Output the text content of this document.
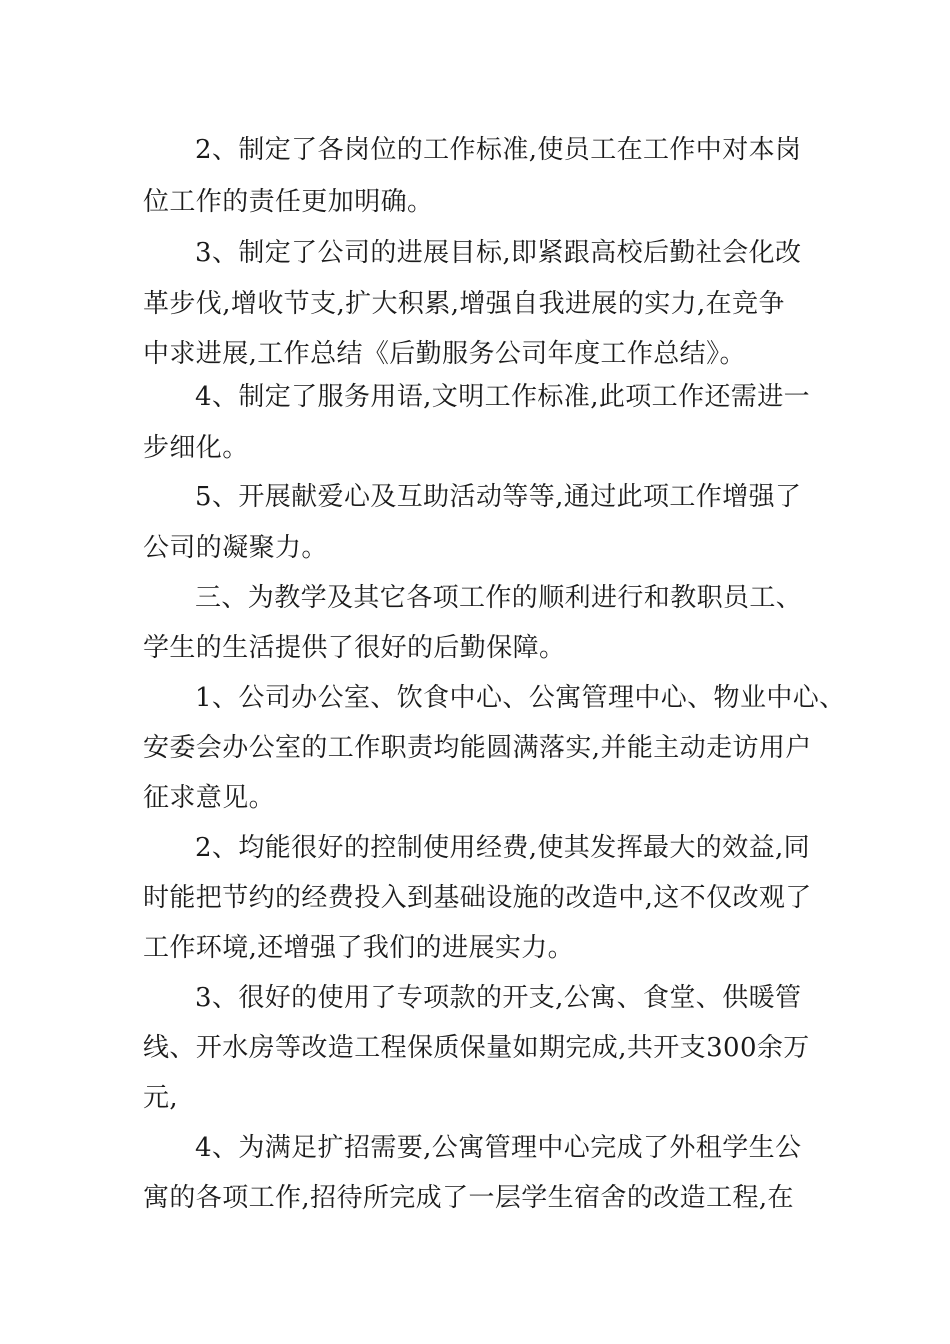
2、制定了各岗位的工作标准,使员工在工作中对本岗

位工作的责任更加明确。

3、制定了公司的进展目标,即紧跟高校后勤社会化改

革步伐,增收节支,扩大积累,增强自我进展的实力,在竞争

中求进展,工作总结《后勤服务公司年度工作总结》。

4、制定了服务用语,文明工作标准,此项工作还需进一

步细化。

5、开展献爱心及互助活动等等,通过此项工作增强了

公司的凝聚力。

三、为教学及其它各项工作的顺利进行和教职员工、

学生的生活提供了很好的后勤保障。

1、公司办公室、饮食中心、公寓管理中心、物业中心、

安委会办公室的工作职责均能圆满落实,并能主动走访用户

征求意见。

2、均能很好的控制使用经费,使其发挥最大的效益,同

时能把节约的经费投入到基础设施的改造中,这不仅改观了

工作环境,还增强了我们的进展实力。

3、很好的使用了专项款的开支,公寓、食堂、供暖管

线、开水房等改造工程保质保量如期完成,共开支300余万

元,

4、为满足扩招需要,公寓管理中心完成了外租学生公

寓的各项工作,招待所完成了一层学生宿舍的改造工程,在
